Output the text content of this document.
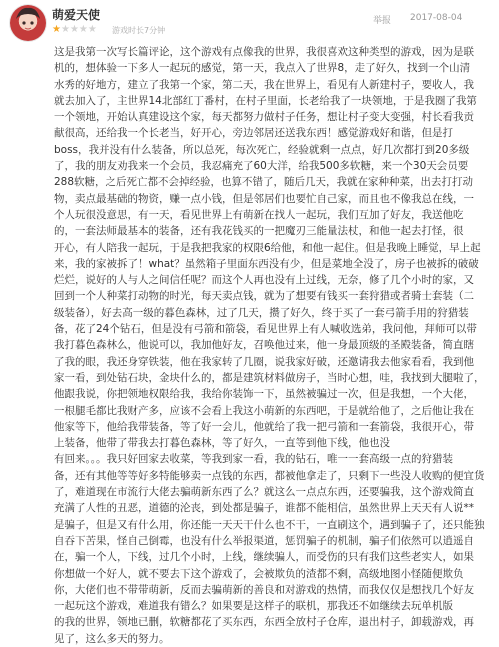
萌爱天使
★★★★★ 游戏时长7分钟
举报 2017-08-04
这是我第一次写长篇评论，这个游戏有点像我的世界，我很喜欢这种类型的游戏，因为是联
机的，想体验一下多人一起玩的感觉，第一天，我点入了世界8，走了好久，找到一个山清
水秀的好地方，建立了我第一个家，第二天，我在世界上，看见有人新建村子，要收人，我
就去加入了，主世界14北部红丁番村，在村子里面，长老给我了一块领地，于是我圈了我第
一个领地，开始认真建设这个家，每天都努力做村子任务，想让村子变大变强，村长看我贡
献很高，还给我一个长老当，好开心，旁边邻居还送我东西！感觉游戏好和谐，但是打
boss，我并没有什么装备，所以总死，每次死亡，经验就剩一点点，好几次都打到20多级
了，我的朋友劝我来一个会员，我忍痛充了60大洋，给我500多软糖，来一个30天会员要
288软糖，之后死亡都不会掉经验，也算不错了，随后几天，我就在家种种菜，出去打打动
物，卖点最基础的物资，赚一点小钱，但是邻居们也要忙自己家，而且也不像我总在线，一
个人玩很没意思，有一天，看见世界上有萌新在找人一起玩，我们互加了好友，我送他吃
的，一套法师最基本的装备，还有我花钱买的一把魔刃三能量法杖，和他一起去打怪，很
开心，有人陪我一起玩，于是我把我家的权限6给他，和他一起住。但是我晚上睡觉，早上起
来，我的家被拆了！what？虽然箱子里面东西没有少，但是菜地全没了，房子也被拆的破破
烂烂，说好的人与人之间信任呢？而这个人再也没有上过线，无奈，修了几个小时的家，又
回到一个人种菜打动物的时光，每天卖点钱，就为了想要有钱买一套狩猎或者骑士套装（二
级装备），好去高一级的暮色森林，过了几天，攒了好久，终于买了一套弓箭手用的狩猎装
备，花了24个钻石，但是没有弓箭和箭袋，看见世界上有人喊收选弟，我问他，拜师可以带
我打暮色森林么，他说可以，我加他好友，召唤他过来，他一身最顶级的圣殿装备，简直瞎
了我的眼，我还身穿铁装，他在我家转了几圈，说我家好破，还邀请我去他家看看，我到他
家一看，到处钻石块，金块什么的，都是建筑材料做房子，当时心想，哇，我找到大腿啦了，
他跟我说，你把领地权限给我，我给你装饰一下，虽然被骗过一次，但是我想，一个大佬，
一根腿毛都比我财产多，应该不会看上我这小萌新的东西吧，于是就给他了，之后他让我在
他家等下，他给我带装备，等了好一会儿，他就给了我一把弓箭和一套箭袋，我很开心，带
上装备，他带了带我去打暮色森林，等了好久，一直等到他下线，他也没
有回来。。。我只好回家去收菜，等我到家一看，我的钻石，唯一一套高级一点的狩猎装
备，还有其他等等好多特能够卖一点钱的东西，都被他拿走了，只剩下一些没人收购的便宜货
了，难道现在市流行大佬去骗萌新东西了么？就这么一点点东西，还要骗我，这个游戏简直
充满了人性的丑恶，道德的沦丧，到处都是骗子，谁都不能相信，虽然世界上天天有人说**
是骗子，但是又有什么用，你还能一天天干什么也不干，一直刷这个，遇到骗子了，还只能独
自吞下苦果，怪自己倒霉，也没有什么举报渠道，惩罚骗子的机制，骗子们依然可以逍遥自
在，骗一个人，下线，过几个小时，上线，继续骗人，而受伤的只有我们这些老实人，如果
你想做一个好人，就不要去下这个游戏了，会被欺负的渣都不剩，高级地图小怪随便欺负
你，大佬们也不带带萌新，反而去骗萌新的善良和对游戏的热情，而我仅仅是想找几个好友
一起玩这个游戏，难道我有错么？如果要是这样子的联机，那我还不如继续去玩单机版
的我的世界，领地已删，软糖都花了买东西，东西全放村子仓库，退出村子，卸载游戏，再
见了，这么多天的努力。
